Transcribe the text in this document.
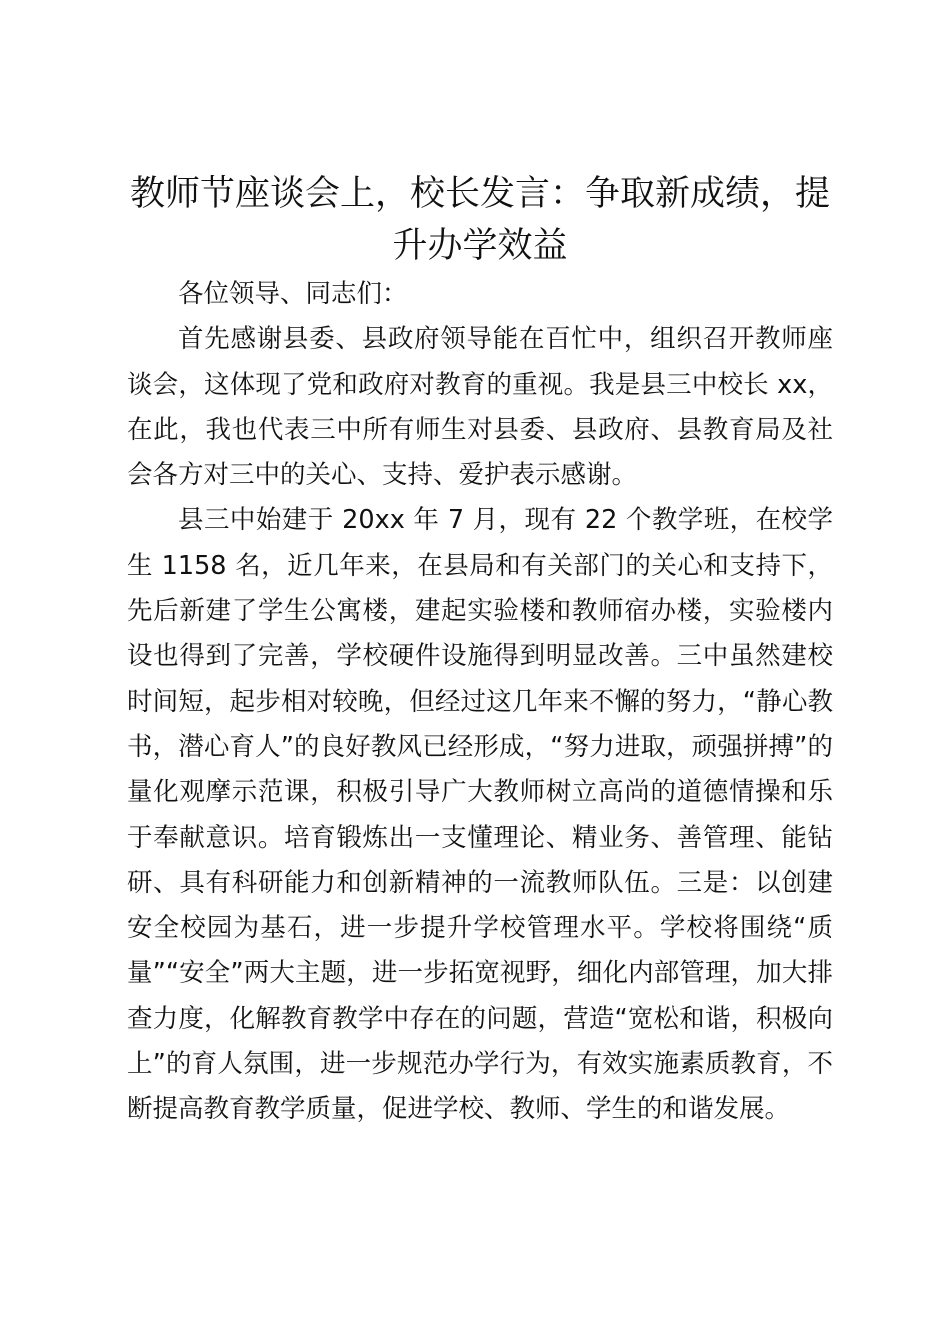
教师节座谈会上，校长发言：争取新成绩，提升办学效益

各位领导、同志们：

首先感谢县委、县政府领导能在百忙中，组织召开教师座谈会，这体现了党和政府对教育的重视。我是县三中校长 xx，在此，我也代表三中所有师生对县委、县政府、县教育局及社会各方对三中的关心、支持、爱护表示感谢。

县三中始建于 20xx 年 7 月，现有 22 个教学班，在校学生 1158 名，近几年来，在县局和有关部门的关心和支持下，先后新建了学生公寓楼，建起实验楼和教师宿办楼，实验楼内设也得到了完善，学校硬件设施得到明显改善。三中虽然建校时间短，起步相对较晚，但经过这几年来不懈的努力，“静心教书，潜心育人”的良好教风已经形成，“努力进取，顽强拼搏”的量化观摩示范课，积极引导广大教师树立高尚的道德情操和乐于奉献意识。培育锻炼出一支懂理论、精业务、善管理、能钻研、具有科研能力和创新精神的一流教师队伍。三是：以创建安全校园为基石，进一步提升学校管理水平。学校将围绕“质量”“安全”两大主题，进一步拓宽视野，细化内部管理，加大排查力度，化解教育教学中存在的问题，营造“宽松和谐，积极向上”的育人氛围，进一步规范办学行为，有效实施素质教育，不断提高教育教学质量，促进学校、教师、学生的和谐发展。
